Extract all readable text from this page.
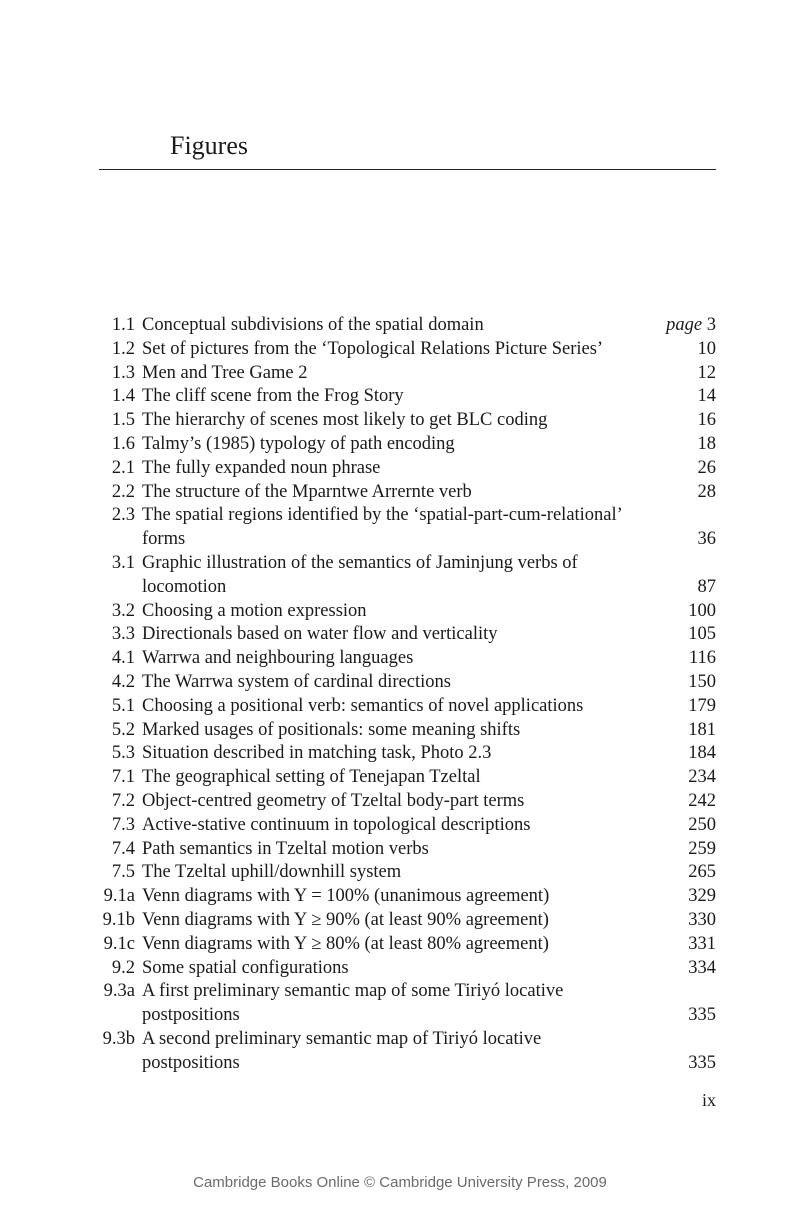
Figures
1.1 Conceptual subdivisions of the spatial domain	page 3
1.2 Set of pictures from the ‘Topological Relations Picture Series’	10
1.3 Men and Tree Game 2	12
1.4 The cliff scene from the Frog Story	14
1.5 The hierarchy of scenes most likely to get BLC coding	16
1.6 Talmy’s (1985) typology of path encoding	18
2.1 The fully expanded noun phrase	26
2.2 The structure of the Mparntwe Arrernte verb	28
2.3 The spatial regions identified by the ‘spatial-part-cum-relational’
forms	36
3.1 Graphic illustration of the semantics of Jaminjung verbs of
locomotion	87
3.2 Choosing a motion expression	100
3.3 Directionals based on water flow and verticality	105
4.1 Warrwa and neighbouring languages	116
4.2 The Warrwa system of cardinal directions	150
5.1 Choosing a positional verb: semantics of novel applications	179
5.2 Marked usages of positionals: some meaning shifts	181
5.3 Situation described in matching task, Photo 2.3	184
7.1 The geographical setting of Tenejapan Tzeltal	234
7.2 Object-centred geometry of Tzeltal body-part terms	242
7.3 Active-stative continuum in topological descriptions	250
7.4 Path semantics in Tzeltal motion verbs	259
7.5 The Tzeltal uphill/downhill system	265
9.1a Venn diagrams with Y = 100% (unanimous agreement)	329
9.1b Venn diagrams with Y ≥ 90% (at least 90% agreement)	330
9.1c Venn diagrams with Y ≥ 80% (at least 80% agreement)	331
9.2 Some spatial configurations	334
9.3a A first preliminary semantic map of some Tiriyó locative
postpositions	335
9.3b A second preliminary semantic map of Tiriyó locative
postpositions	335
ix
Cambridge Books Online © Cambridge University Press, 2009
